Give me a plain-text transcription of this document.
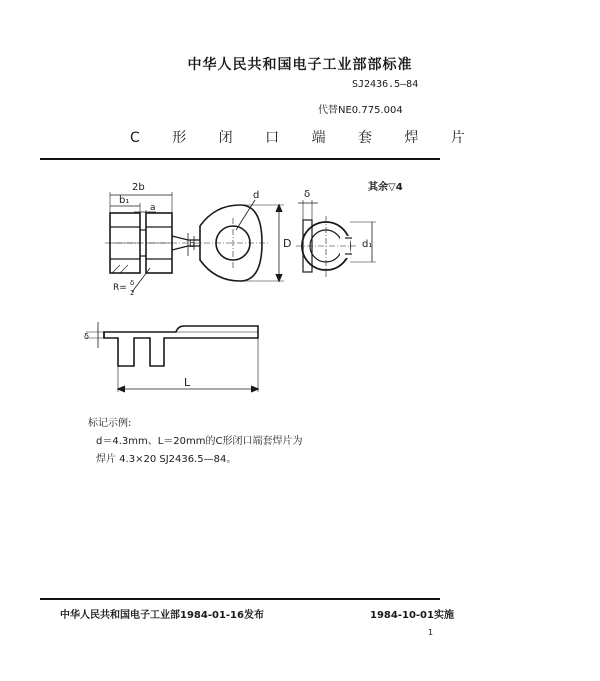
中华人民共和国电子工业部部标准
SJ2436.5—84
代替NE0.775.004
C 形 闭 口 端 套 焊 片
其余▽4
2b
b₁
a
b
d
D
δ
d₁
R= δ
2
L
δ
标记示例:
d＝4.3mm、L＝20mm的C形闭口端套焊片为
焊片 4.3×20 SJ2436.5—84。
中华人民共和国电子工业部1984-01-16发布	1984-10-01实施
1
